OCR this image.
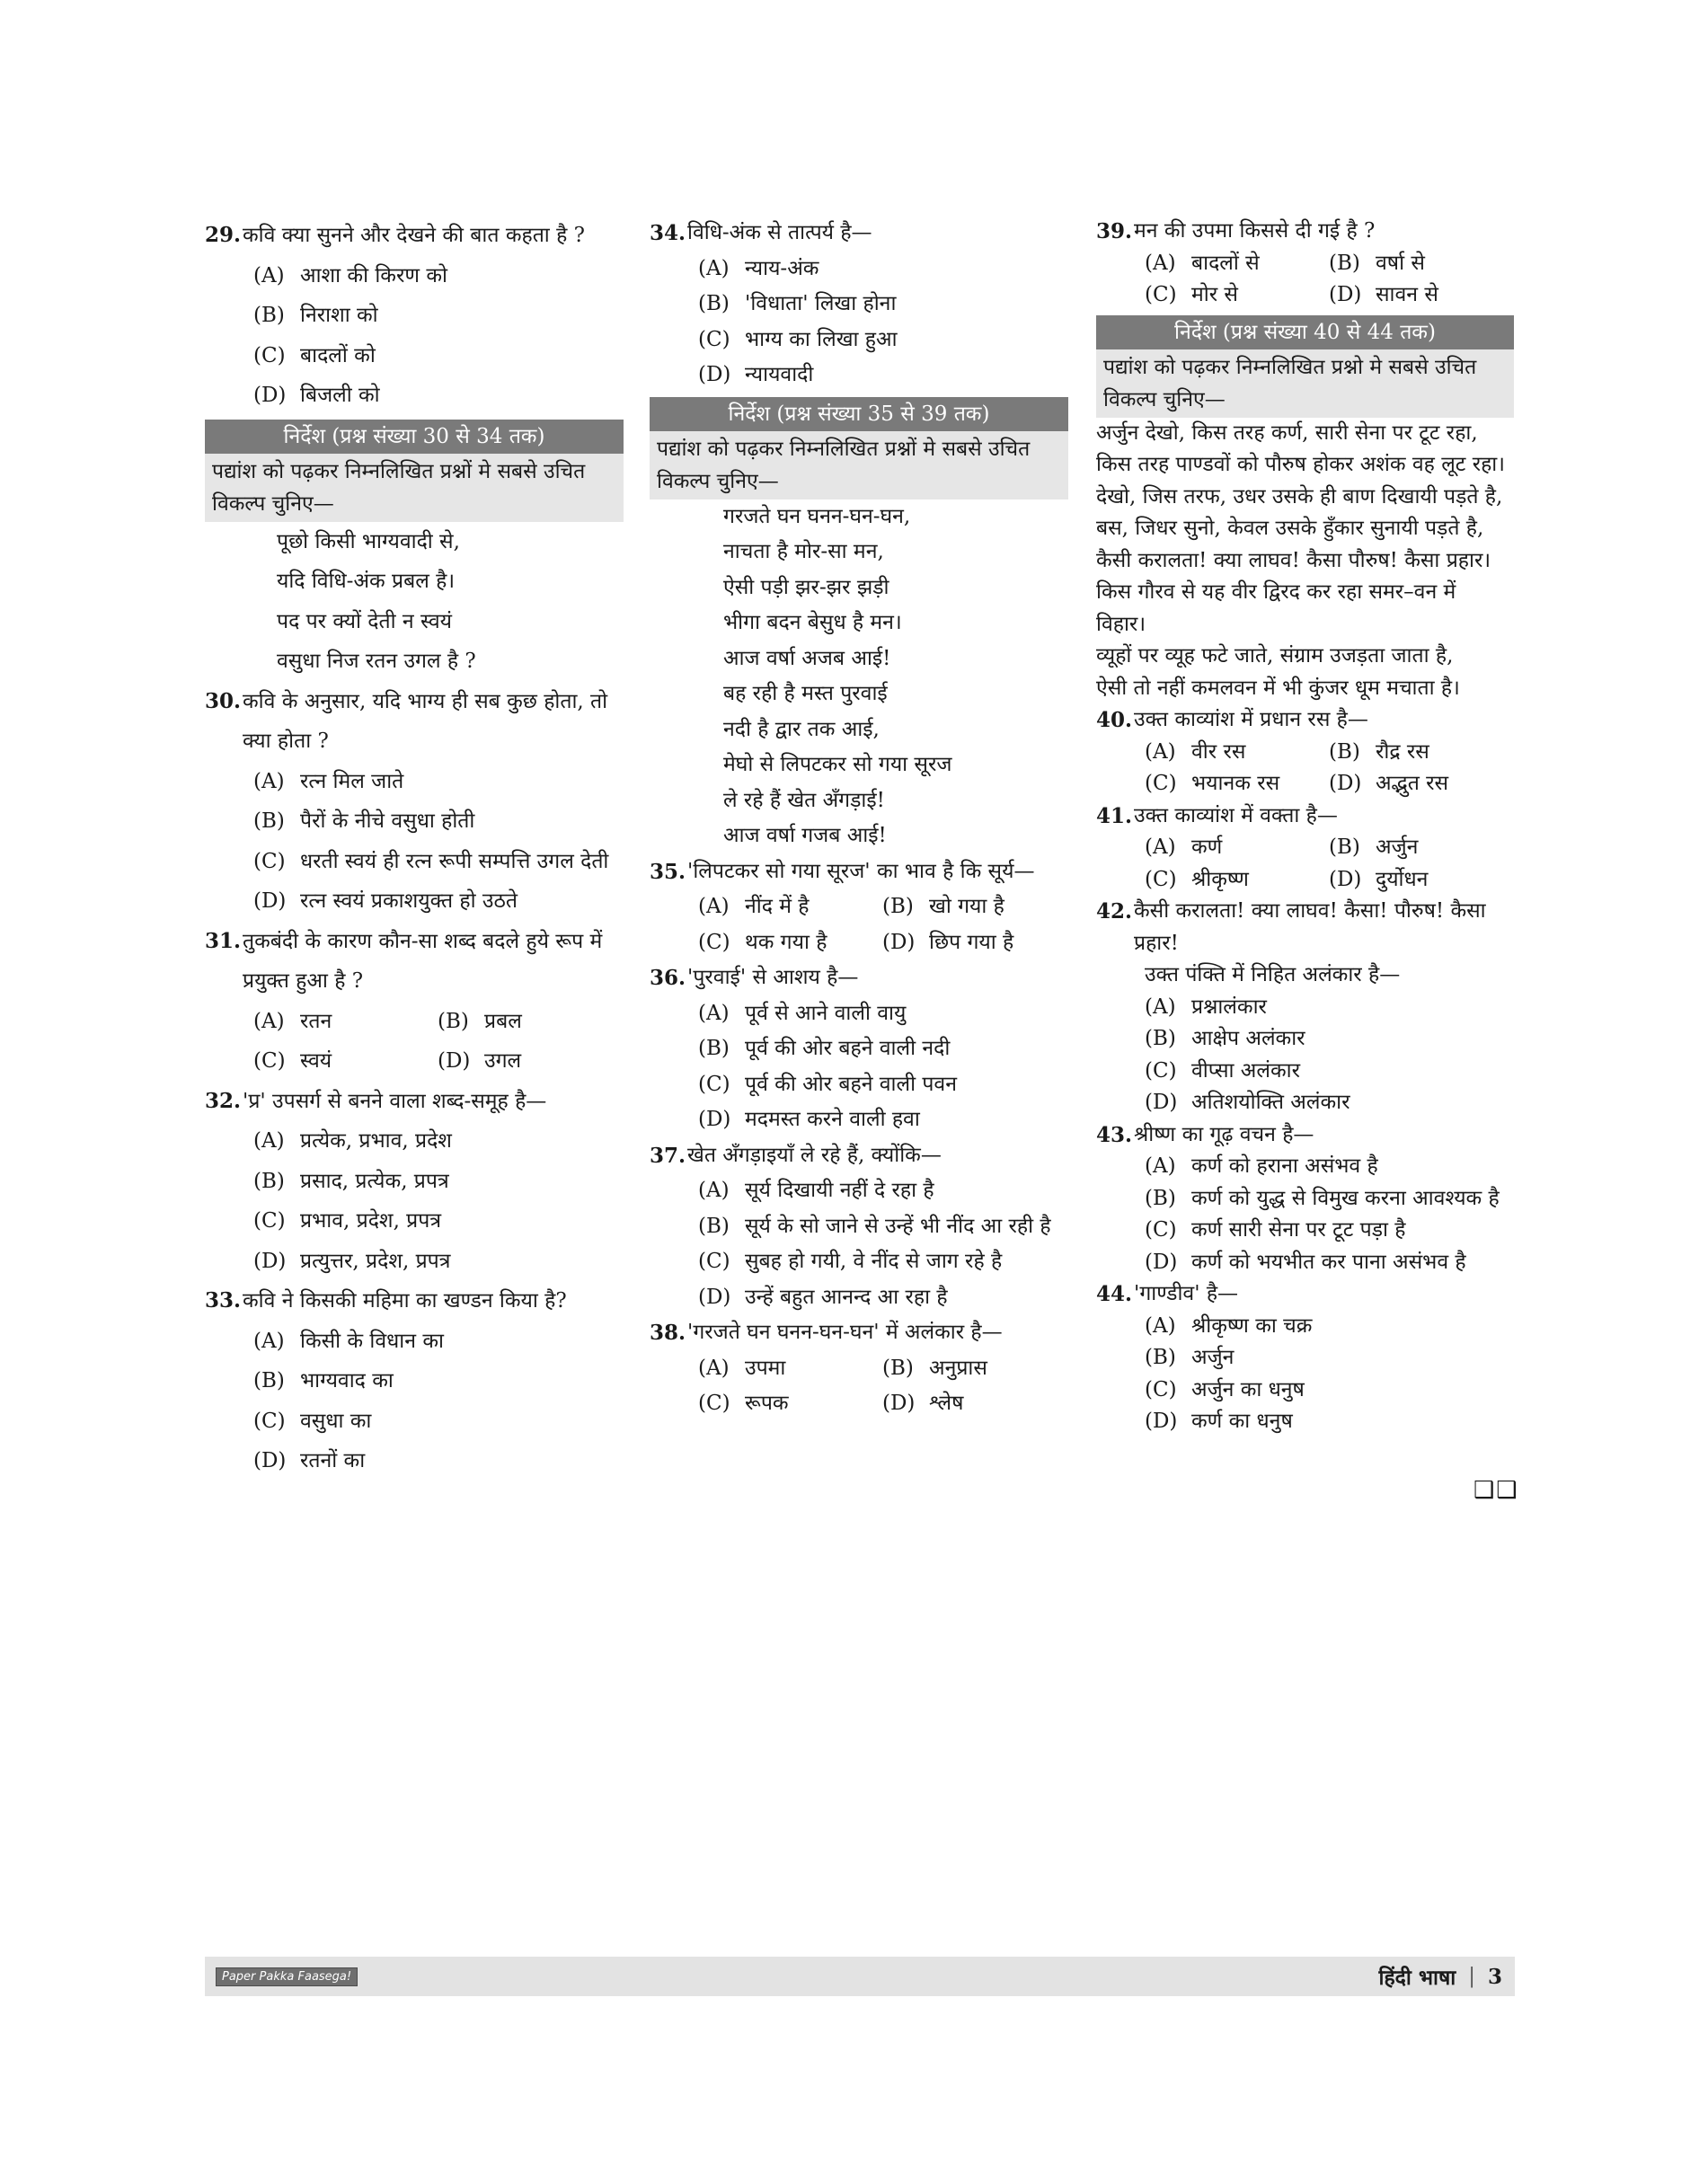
29. कवि क्या सुनने और देखने की बात कहता है ?
(A) आशा की किरण को
(B) निराशा को
(C) बादलों को
(D) बिजली को
निर्देश (प्रश्न संख्या 30 से 34 तक)
पद्यांश को पढ़कर निम्नलिखित प्रश्नों मे सबसे उचित विकल्प चुनिए—
पूछो किसी भाग्यवादी से,
यदि विधि-अंक प्रबल है।
पद पर क्यों देती न स्वयं
वसुधा निज रतन उगल है ?
30. कवि के अनुसार, यदि भाग्य ही सब कुछ होता, तो क्या होता ?
(A) रत्न मिल जाते
(B) पैरों के नीचे वसुधा होती
(C) धरती स्वयं ही रत्न रूपी सम्पत्ति उगल देती
(D) रत्न स्वयं प्रकाशयुक्त हो उठते
31. तुकबंदी के कारण कौन-सा शब्द बदले हुये रूप में प्रयुक्त हुआ है ?
(A) रतन	(B) प्रबल
(C) स्वयं	(D) उगल
32. 'प्र' उपसर्ग से बनने वाला शब्द-समूह है—
(A) प्रत्येक, प्रभाव, प्रदेश
(B) प्रसाद, प्रत्येक, प्रपत्र
(C) प्रभाव, प्रदेश, प्रपत्र
(D) प्रत्युत्तर, प्रदेश, प्रपत्र
33. कवि ने किसकी महिमा का खण्डन किया है?
(A) किसी के विधान का
(B) भाग्यवाद का
(C) वसुधा का
(D) रतनों का
34. विधि-अंक से तात्पर्य है—
(A) न्याय-अंक
(B) 'विधाता' लिखा होना
(C) भाग्य का लिखा हुआ
(D) न्यायवादी
निर्देश (प्रश्न संख्या 35 से 39 तक)
पद्यांश को पढ़कर निम्नलिखित प्रश्नों मे सबसे उचित विकल्प चुनिए—
गरजते घन घनन-घन-घन,
नाचता है मोर-सा मन,
ऐसी पड़ी झर-झर झड़ी
भीगा बदन बेसुध है मन।
आज वर्षा अजब आई!
बह रही है मस्त पुरवाई
नदी है द्वार तक आई,
मेघो से लिपटकर सो गया सूरज
ले रहे हैं खेत अँगड़ाई!
आज वर्षा गजब आई!
35. 'लिपटकर सो गया सूरज' का भाव है कि सूर्य—
(A) नींद में है	(B) खो गया है
(C) थक गया है	(D) छिप गया है
36. 'पुरवाई' से आशय है—
(A) पूर्व से आने वाली वायु
(B) पूर्व की ओर बहने वाली नदी
(C) पूर्व की ओर बहने वाली पवन
(D) मदमस्त करने वाली हवा
37. खेत अँगड़ाइयाँ ले रहे हैं, क्योंकि—
(A) सूर्य दिखायी नहीं दे रहा है
(B) सूर्य के सो जाने से उन्हें भी नींद आ रही है
(C) सुबह हो गयी, वे नींद से जाग रहे है
(D) उन्हें बहुत आनन्द आ रहा है
38. 'गरजते घन घनन-घन-घन' में अलंकार है—
(A) उपमा	(B) अनुप्रास
(C) रूपक	(D) श्लेष
39. मन की उपमा किससे दी गई है ?
(A) बादलों से	(B) वर्षा से
(C) मोर से	(D) सावन से
निर्देश (प्रश्न संख्या 40 से 44 तक)
पद्यांश को पढ़कर निम्नलिखित प्रश्नो मे सबसे उचित विकल्प चुनिए—
अर्जुन देखो, किस तरह कर्ण, सारी सेना पर टूट रहा,
किस तरह पाण्डवों को पौरुष होकर अशंक वह लूट रहा।
देखो, जिस तरफ, उधर उसके ही बाण दिखायी पड़ते है,
बस, जिधर सुनो, केवल उसके हुँकार सुनायी पड़ते है,
कैसी करालता! क्या लाघव! कैसा पौरुष! कैसा प्रहार।
किस गौरव से यह वीर द्विरद कर रहा समर–वन में
विहार।
व्यूहों पर व्यूह फटे जाते, संग्राम उजड़ता जाता है,
ऐसी तो नहीं कमलवन में भी कुंजर धूम मचाता है।
40. उक्त काव्यांश में प्रधान रस है—
(A) वीर रस	(B) रौद्र रस
(C) भयानक रस	(D) अद्भुत रस
41. उक्त काव्यांश में वक्ता है—
(A) कर्ण	(B) अर्जुन
(C) श्रीकृष्ण	(D) दुर्योधन
42. कैसी करालता! क्या लाघव! कैसा! पौरुष! कैसा प्रहार!
उक्त पंक्ति में निहित अलंकार है—
(A) प्रश्नालंकार
(B) आक्षेप अलंकार
(C) वीप्सा अलंकार
(D) अतिशयोक्ति अलंकार
43. श्रीष्ण का गूढ़ वचन है—
(A) कर्ण को हराना असंभव है
(B) कर्ण को युद्ध से विमुख करना आवश्यक है
(C) कर्ण सारी सेना पर टूट पड़ा है
(D) कर्ण को भयभीत कर पाना असंभव है
44. 'गाण्डीव' है—
(A) श्रीकृष्ण का चक्र
(B) अर्जुन
(C) अर्जुन का धनुष
(D) कर्ण का धनुष
❑❑
Paper Pakka Faasega!	हिंदी भाषा | 3
